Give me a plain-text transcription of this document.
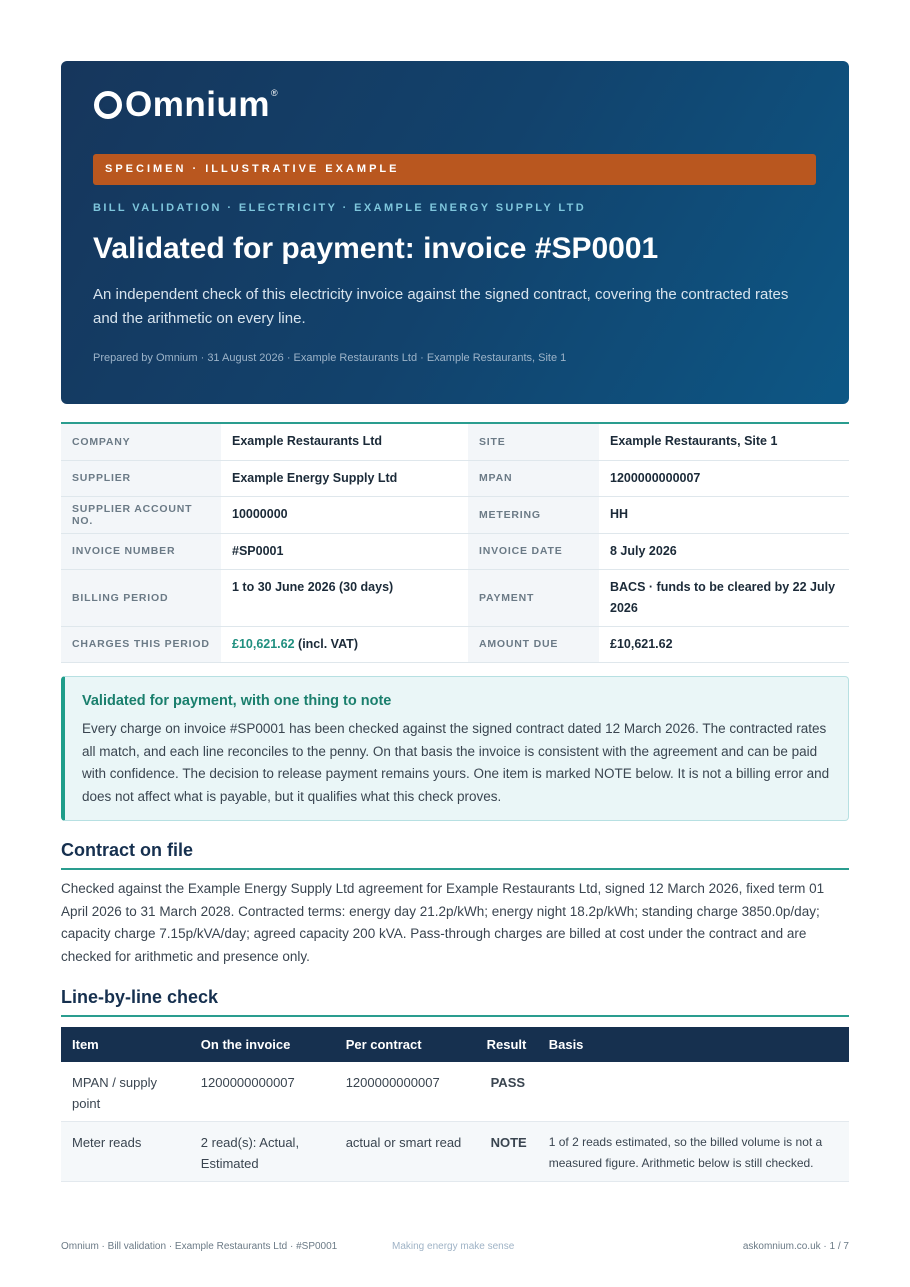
Omnium ®
SPECIMEN · ILLUSTRATIVE EXAMPLE
BILL VALIDATION · ELECTRICITY · EXAMPLE ENERGY SUPPLY LTD
Validated for payment: invoice #SP0001

An independent check of this electricity invoice against the signed contract, covering the contracted rates and the arithmetic on every line.

Prepared by Omnium · 31 August 2026 · Example Restaurants Ltd · Example Restaurants, Site 1
COMPANY	Example Restaurants Ltd	SITE	Example Restaurants, Site 1
SUPPLIER	Example Energy Supply Ltd	MPAN	1200000000007
SUPPLIER ACCOUNT NO.	10000000	METERING	HH
INVOICE NUMBER	#SP0001	INVOICE DATE	8 July 2026
BILLING PERIOD	1 to 30 June 2026 (30 days)	PAYMENT	BACS · funds to be cleared by 22 July 2026
CHARGES THIS PERIOD	£10,621.62 (incl. VAT)	AMOUNT DUE	£10,621.62
Validated for payment, with one thing to note

Every charge on invoice #SP0001 has been checked against the signed contract dated 12 March 2026. The contracted rates all match, and each line reconciles to the penny. On that basis the invoice is consistent with the agreement and can be paid with confidence. The decision to release payment remains yours. One item is marked NOTE below. It is not a billing error and does not affect what is payable, but it qualifies what this check proves.

Contract on file

Checked against the Example Energy Supply Ltd agreement for Example Restaurants Ltd, signed 12 March 2026, fixed term 01 April 2026 to 31 March 2028. Contracted terms: energy day 21.2p/kWh; energy night 18.2p/kWh; standing charge 3850.0p/day; capacity charge 7.15p/kVA/day; agreed capacity 200 kVA. Pass-through charges are billed at cost under the contract and are checked for arithmetic and presence only.

Line-by-line check
Item	On the invoice	Per contract	Result	Basis
MPAN / supply point	1200000000007	1200000000007	PASS	
Meter reads	2 read(s): Actual, Estimated	actual or smart read	NOTE	1 of 2 reads estimated, so the billed volume is not a measured figure. Arithmetic below is still checked.
Omnium · Bill validation · Example Restaurants Ltd · #SP0001	Making energy make sense	askomnium.co.uk · 1 / 7
